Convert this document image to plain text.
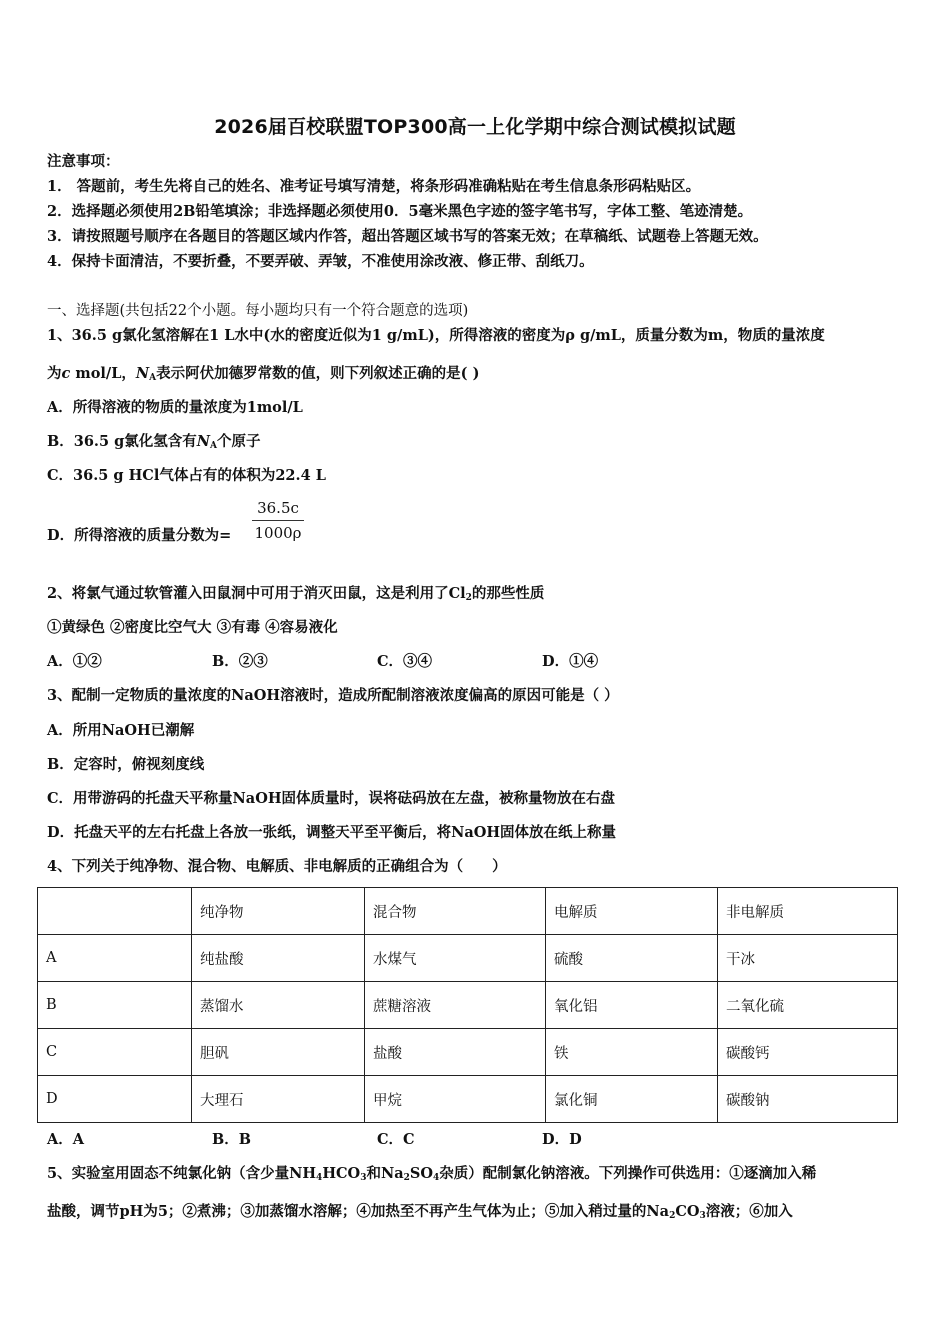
2026届百校联盟TOP300高一上化学期中综合测试模拟试题
注意事项：
1． 答题前，考生先将自己的姓名、准考证号填写清楚，将条形码准确粘贴在考生信息条形码粘贴区。
2．选择题必须使用2B铅笔填涂；非选择题必须使用0．5毫米黑色字迹的签字笔书写，字体工整、笔迹清楚。
3．请按照题号顺序在各题目的答题区域内作答，超出答题区域书写的答案无效；在草稿纸、试题卷上答题无效。
4．保持卡面清洁，不要折叠，不要弄破、弄皱，不准使用涂改液、修正带、刮纸刀。
一、选择题(共包括22个小题。每小题均只有一个符合题意的选项)
1、36.5 g氯化氢溶解在1 L水中(水的密度近似为1 g/mL)，所得溶液的密度为ρ g/mL，质量分数为m，物质的量浓度
为c mol/L，$N_A$表示阿伏加德罗常数的值，则下列叙述正确的是( )
A．所得溶液的物质的量浓度为1mol/L
B．36.5 g氯化氢含有$N_A$个原子
C．36.5 g HCl气体占有的体积为22.4 L
D．所得溶液的质量分数为= $\frac{36.5c}{1000\rho}$
2、将氯气通过软管灌入田鼠洞中可用于消灭田鼠，这是利用了$Cl_2$的那些性质
①黄绿色 ②密度比空气大 ③有毒 ④容易液化
A．①②	B．②③	C．③④	D．①④
3、配制一定物质的量浓度的NaOH溶液时，造成所配制溶液浓度偏高的原因可能是（ ）
A．所用NaOH已潮解
B．定容时，俯视刻度线
C．用带游码的托盘天平称量NaOH固体质量时，误将砝码放在左盘，被称量物放在右盘
D．托盘天平的左右托盘上各放一张纸，调整天平至平衡后，将NaOH固体放在纸上称量
4、下列关于纯净物、混合物、电解质、非电解质的正确组合为（　　）
	纯净物	混合物	电解质	非电解质
A	纯盐酸	水煤气	硫酸	干冰
B	蒸馏水	蔗糖溶液	氧化铝	二氧化硫
C	胆矾	盐酸	铁	碳酸钙
D	大理石	甲烷	氯化铜	碳酸钠
A．A	B．B	C．C	D．D
5、实验室用固态不纯氯化钠（含少量$NH_4HCO_3$和$Na_2SO_4$杂质）配制氯化钠溶液。下列操作可供选用：①逐滴加入稀
盐酸，调节pH为5；②煮沸；③加蒸馏水溶解；④加热至不再产生气体为止；⑤加入稍过量的$Na_2CO_3$溶液；⑥加入
